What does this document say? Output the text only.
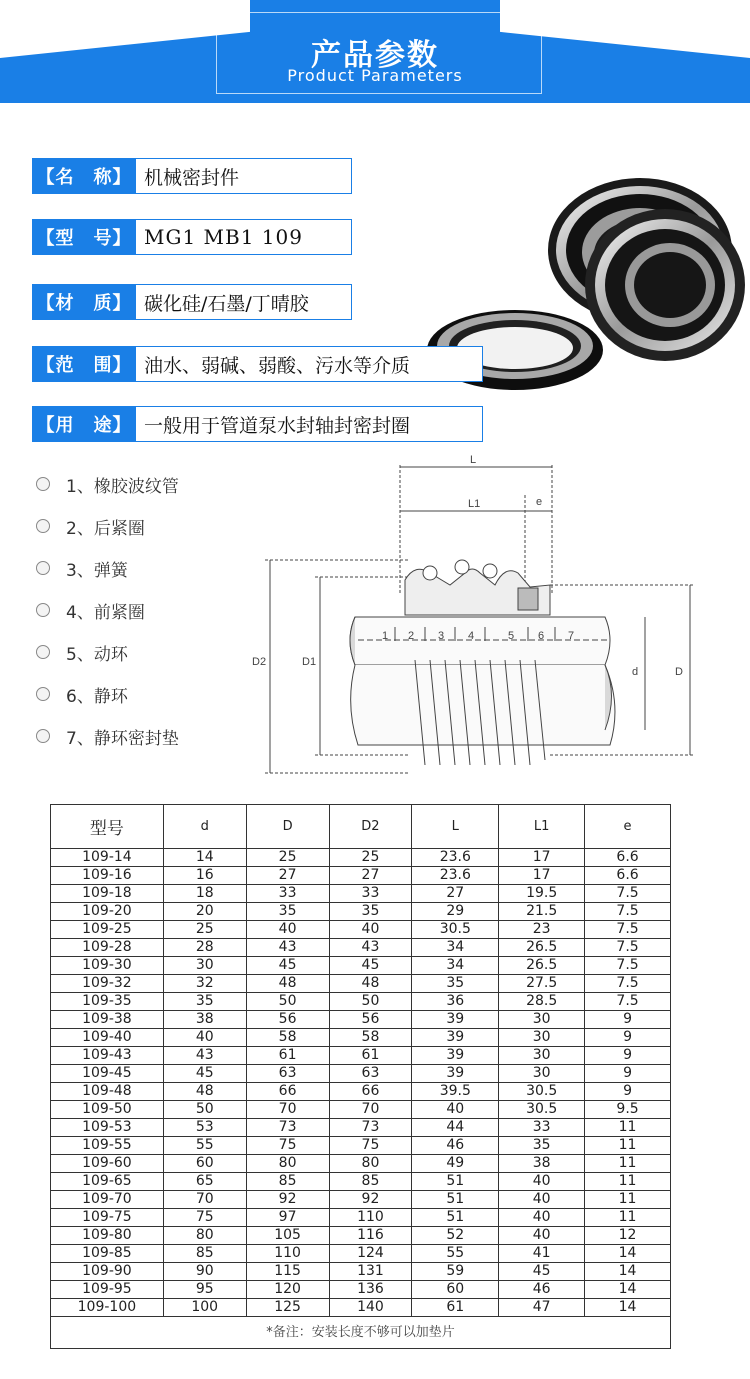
产品参数
Product Parameters
【名　称】 机械密封件
【型　号】 MG1 MB1 109
【材　质】 碳化硅/石墨/丁晴胶
【范　围】 油水、弱碱、弱酸、污水等介质
【用　途】 一般用于管道泵水封轴封密封圈
1、橡胶波纹管
2、后紧圈
3、弹簧
4、前紧圈
5、动环
6、静环
7、静环密封垫
L
L1	e
D2	D1
d	D
1 2 3 4	5 6 7
型号	d	D	D2	L	L1	e
109-14	14	25	25	23.6	17	6.6
109-16	16	27	27	23.6	17	6.6
109-18	18	33	33	27	19.5	7.5
109-20	20	35	35	29	21.5	7.5
109-25	25	40	40	30.5	23	7.5
109-28	28	43	43	34	26.5	7.5
109-30	30	45	45	34	26.5	7.5
109-32	32	48	48	35	27.5	7.5
109-35	35	50	50	36	28.5	7.5
109-38	38	56	56	39	30	9
109-40	40	58	58	39	30	9
109-43	43	61	61	39	30	9
109-45	45	63	63	39	30	9
109-48	48	66	66	39.5	30.5	9
109-50	50	70	70	40	30.5	9.5
109-53	53	73	73	44	33	11
109-55	55	75	75	46	35	11
109-60	60	80	80	49	38	11
109-65	65	85	85	51	40	11
109-70	70	92	92	51	40	11
109-75	75	97	110	51	40	11
109-80	80	105	116	52	40	12
109-85	85	110	124	55	41	14
109-90	90	115	131	59	45	14
109-95	95	120	136	60	46	14
109-100	100	125	140	61	47	14
*备注：安装长度不够可以加垫片						
